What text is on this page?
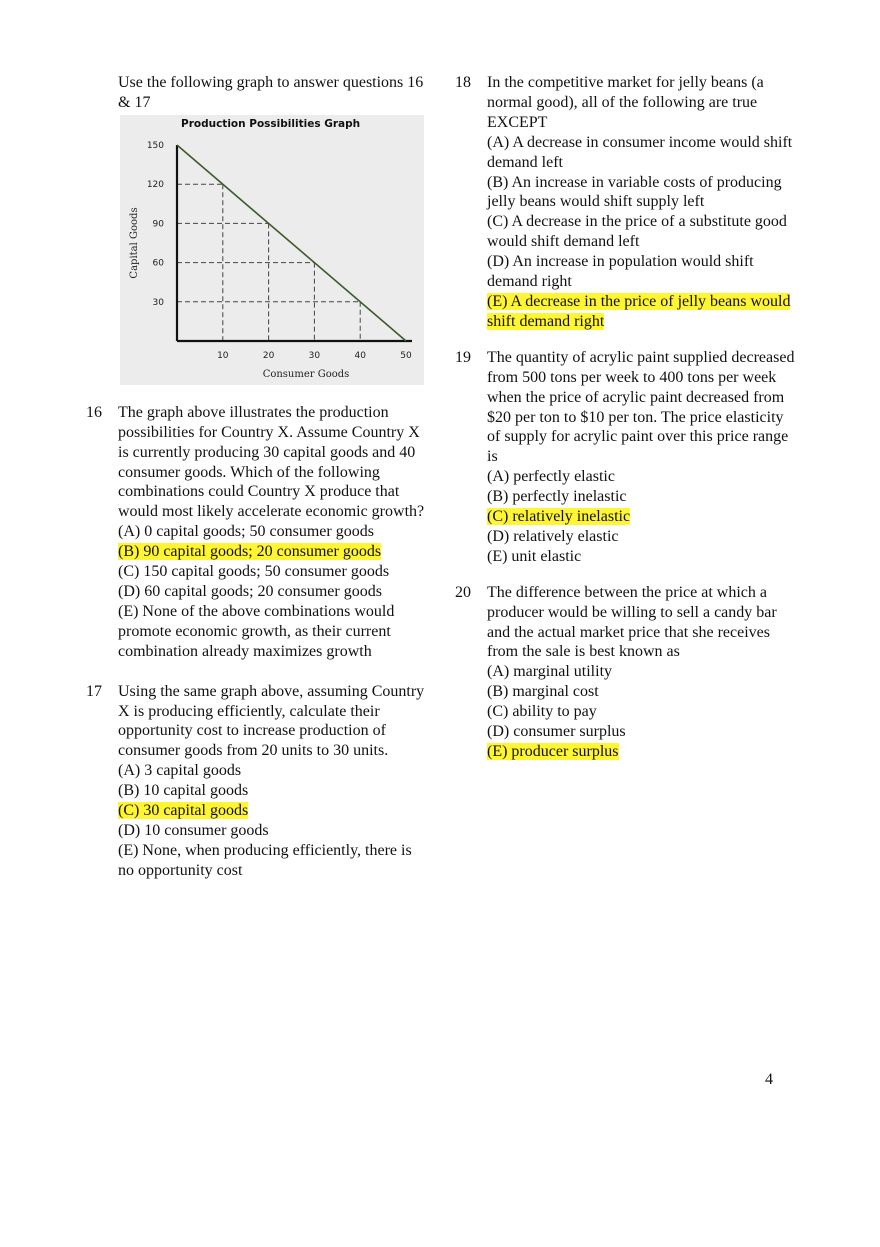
Use the following graph to answer questions 16 & 17
Production Possibilities Graph
150
120
90
60
30
10	20	30	40	50
Consumer Goods
Capital Goods
16 The graph above illustrates the production possibilities for Country X. Assume Country X is currently producing 30 capital goods and 40 consumer goods. Which of the following combinations could Country X produce that would most likely accelerate economic growth?
(A) 0 capital goods; 50 consumer goods
(B) 90 capital goods; 20 consumer goods
(C) 150 capital goods; 50 consumer goods
(D) 60 capital goods; 20 consumer goods
(E) None of the above combinations would promote economic growth, as their current combination already maximizes growth
17 Using the same graph above, assuming Country X is producing efficiently, calculate their opportunity cost to increase production of consumer goods from 20 units to 30 units.
(A) 3 capital goods
(B) 10 capital goods
(C) 30 capital goods
(D) 10 consumer goods
(E) None, when producing efficiently, there is no opportunity cost
18 In the competitive market for jelly beans (a normal good), all of the following are true EXCEPT
(A) A decrease in consumer income would shift demand left
(B) An increase in variable costs of producing jelly beans would shift supply left
(C) A decrease in the price of a substitute good would shift demand left
(D) An increase in population would shift demand right
(E) A decrease in the price of jelly beans would shift demand right
19 The quantity of acrylic paint supplied decreased from 500 tons per week to 400 tons per week when the price of acrylic paint decreased from $20 per ton to $10 per ton. The price elasticity of supply for acrylic paint over this price range is
(A) perfectly elastic
(B) perfectly inelastic
(C) relatively inelastic
(D) relatively elastic
(E) unit elastic
20 The difference between the price at which a producer would be willing to sell a candy bar and the actual market price that she receives from the sale is best known as
(A) marginal utility
(B) marginal cost
(C) ability to pay
(D) consumer surplus
(E) producer surplus
4
